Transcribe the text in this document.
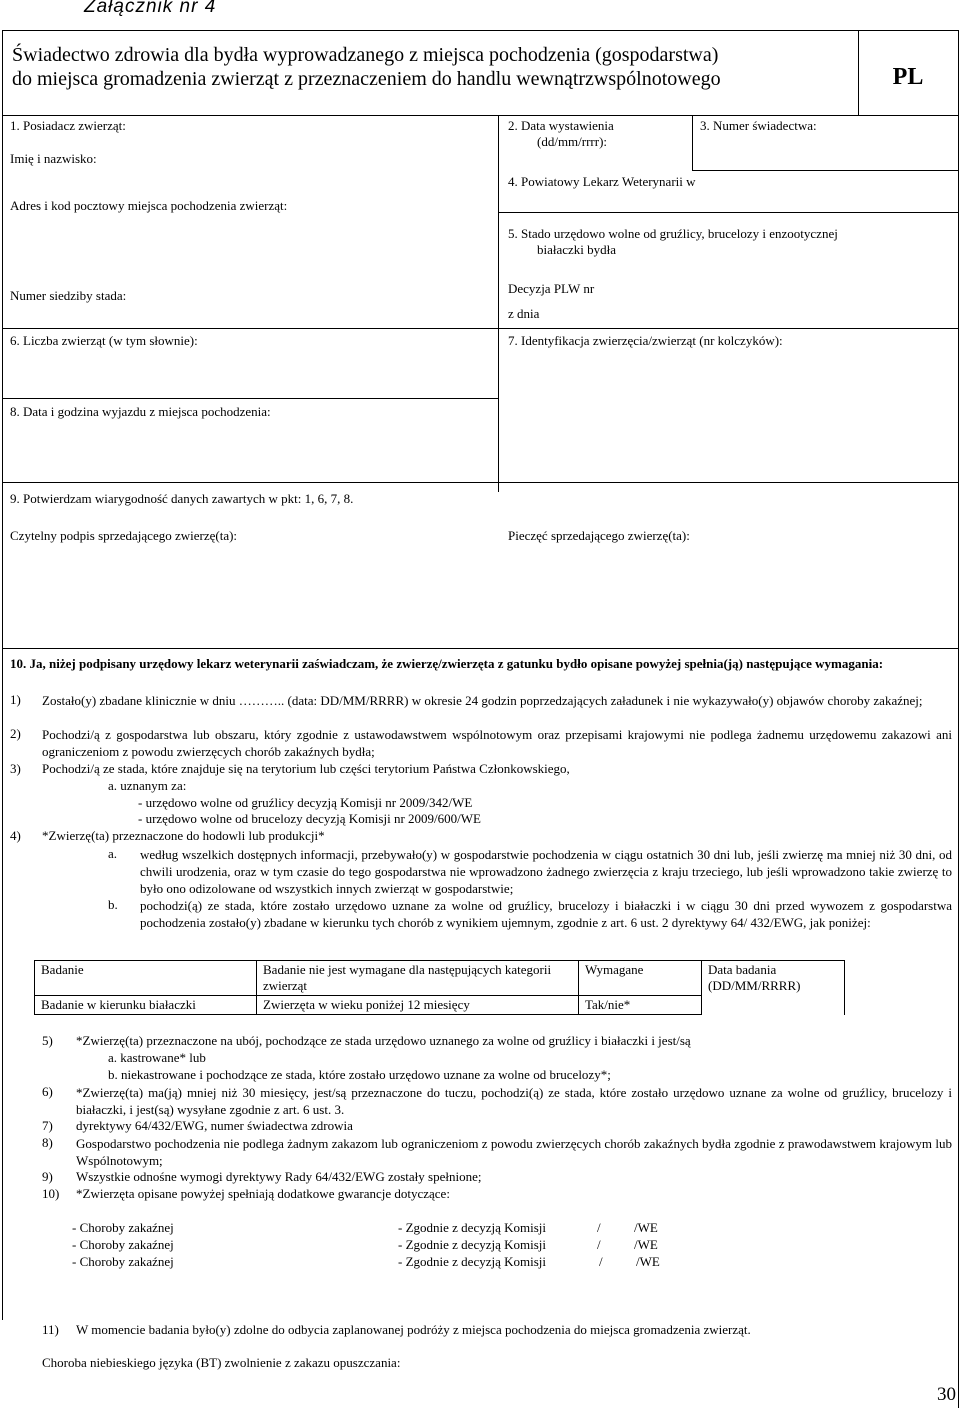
Załącznik nr 4
Świadectwo zdrowia dla bydła wyprowadzanego z miejsca pochodzenia (gospodarstwa)
do miejsca gromadzenia zwierząt z przeznaczeniem do handlu wewnątrzwspólnotowego	PL
1. Posiadacz zwierząt:
Imię i nazwisko:
Adres i kod pocztowy miejsca pochodzenia zwierząt:
Numer siedziby stada:
2. Data wystawienia
(dd/mm/rrrr):
3. Numer świadectwa:
4. Powiatowy Lekarz Weterynarii w
5. Stado urzędowo wolne od gruźlicy, brucelozy i enzootycznej
białaczki bydła
Decyzja PLW nr
z dnia
6. Liczba zwierząt (w tym słownie):	7. Identyfikacja zwierzęcia/zwierząt (nr kolczyków):
8. Data i godzina wyjazdu z miejsca pochodzenia:
9. Potwierdzam wiarygodność danych zawartych w pkt: 1, 6, 7, 8.
Czytelny podpis sprzedającego zwierzę(ta):	Pieczęć sprzedającego zwierzę(ta):
10. Ja, niżej podpisany urzędowy lekarz weterynarii zaświadczam, że zwierzę/zwierzęta z gatunku bydło opisane powyżej spełnia(ją) następujące wymagania:
1) Zostało(y) zbadane klinicznie w dniu ……….. (data: DD/MM/RRRR) w okresie 24 godzin poprzedzających załadunek i nie wykazywało(y) objawów choroby zakaźnej;
2) Pochodzi/ą z gospodarstwa lub obszaru, który zgodnie z ustawodawstwem wspólnotowym oraz przepisami krajowymi nie podlega żadnemu urzędowemu zakazowi ani ograniczeniom z powodu zwierzęcych chorób zakaźnych bydła;
3) Pochodzi/ą ze stada, które znajduje się na terytorium lub części terytorium Państwa Członkowskiego,
a. uznanym za:
- urzędowo wolne od gruźlicy decyzją Komisji nr 2009/342/WE
- urzędowo wolne od brucelozy decyzją Komisji nr 2009/600/WE
4) *Zwierzę(ta) przeznaczone do hodowli lub produkcji*
a. według wszelkich dostępnych informacji, przebywało(y) w gospodarstwie pochodzenia w ciągu ostatnich 30 dni lub, jeśli zwierzę ma mniej niż 30 dni, od chwili urodzenia, oraz w tym czasie do tego gospodarstwa nie wprowadzono żadnego zwierzęcia z kraju trzeciego, lub jeśli wprowadzono takie zwierzę to było ono odizolowane od wszystkich innych zwierząt w gospodarstwie;
b. pochodzi(ą) ze stada, które zostało urzędowo uznane za wolne od gruźlicy, brucelozy i białaczki i w ciągu 30 dni przed wywozem z gospodarstwa pochodzenia zostało(y) zbadane w kierunku tych chorób z wynikiem ujemnym, zgodnie z art. 6 ust. 2 dyrektywy 64/ 432/EWG, jak poniżej:
Badanie	Badanie nie jest wymagane dla następujących kategorii zwierząt	Wymagane	Data badania (DD/MM/RRRR)
Badanie w kierunku białaczki	Zwierzęta w wieku poniżej 12 miesięcy	Tak/nie*	
5) *Zwierzę(ta) przeznaczone na ubój, pochodzące ze stada urzędowo uznanego za wolne od gruźlicy i białaczki i jest/są
a. kastrowane* lub
b. niekastrowane i pochodzące ze stada, które zostało urzędowo uznane za wolne od brucelozy*;
6) *Zwierzę(ta) ma(ją) mniej niż 30 miesięcy, jest/są przeznaczone do tuczu, pochodzi(ą) ze stada, które zostało urzędowo uznane za wolne od gruźlicy, brucelozy i białaczki, i jest(są) wysyłane zgodnie z art. 6 ust. 3.
7) dyrektywy 64/432/EWG, numer świadectwa zdrowia
8) Gospodarstwo pochodzenia nie podlega żadnym zakazom lub ograniczeniom z powodu zwierzęcych chorób zakaźnych bydła zgodnie z prawodawstwem krajowym lub Wspólnotowym;
9) Wszystkie odnośne wymogi dyrektywy Rady 64/432/EWG zostały spełnione;
10) *Zwierzęta opisane powyżej spełniają dodatkowe gwarancje dotyczące:
- Choroby zakaźnej	- Zgodnie z decyzją Komisji	/	/WE
- Choroby zakaźnej	- Zgodnie z decyzją Komisji	/	/WE
- Choroby zakaźnej	- Zgodnie z decyzją Komisji	/	/WE
11) W momencie badania było(y) zdolne do odbycia zaplanowanej podróży z miejsca pochodzenia do miejsca gromadzenia zwierząt.
Choroba niebieskiego języka (BT) zwolnienie z zakazu opuszczania:
30
